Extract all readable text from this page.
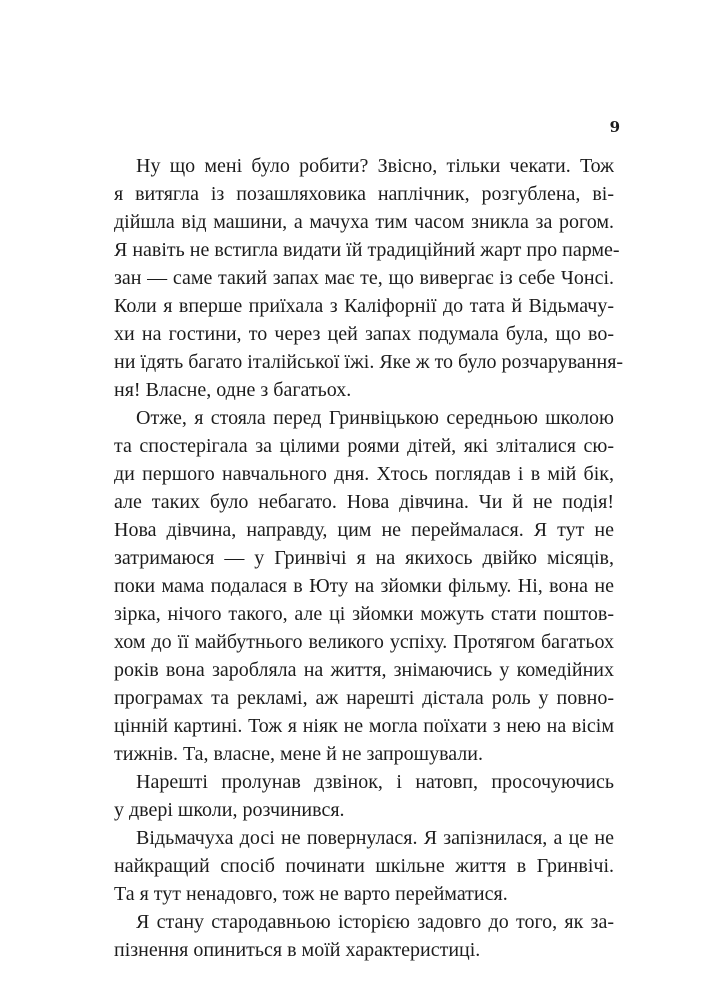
9
Ну що мені було робити? Звісно, тільки чекати. Тож
я витягла із позашляховика наплічник, розгублена, ві-
дійшла від машини, а мачуха тим часом зникла за рогом.
Я навіть не встигла видати їй традиційний жарт про парме-
зан — саме такий запах має те, що вивергає із себе Чонсі.
Коли я вперше приїхала з Каліфорнії до тата й Відьмачу-
хи на гостини, то через цей запах подумала була, що во-
ни їдять багато італійської їжі. Яке ж то було розчарування-
ня! Власне, одне з багатьох.
Отже, я стояла перед Гринвіцькою середньою школою
та спостерігала за цілими роями дітей, які зліталися сю-
ди першого навчального дня. Хтось поглядав і в мій бік,
але таких було небагато. Нова дівчина. Чи й не подія!
Нова дівчина, направду, цим не переймалася. Я тут не
затримаюся — у Гринвічі я на якихось двійко місяців,
поки мама подалася в Юту на зйомки фільму. Ні, вона не
зірка, нічого такого, але ці зйомки можуть стати поштов-
хом до її майбутнього великого успіху. Протягом багатьох
років вона заробляла на життя, знімаючись у комедійних
програмах та рекламі, аж нарешті дістала роль у повно-
цінній картині. Тож я ніяк не могла поїхати з нею на вісім
тижнів. Та, власне, мене й не запрошували.
Нарешті пролунав дзвінок, і натовп, просочуючись
у двері школи, розчинився.
Відьмачуха досі не повернулася. Я запізнилася, а це не
найкращий спосіб починати шкільне життя в Гринвічі.
Та я тут ненадовго, тож не варто перейматися.
Я стану стародавньою історією задовго до того, як за-
пізнення опиниться в моїй характеристиці.
